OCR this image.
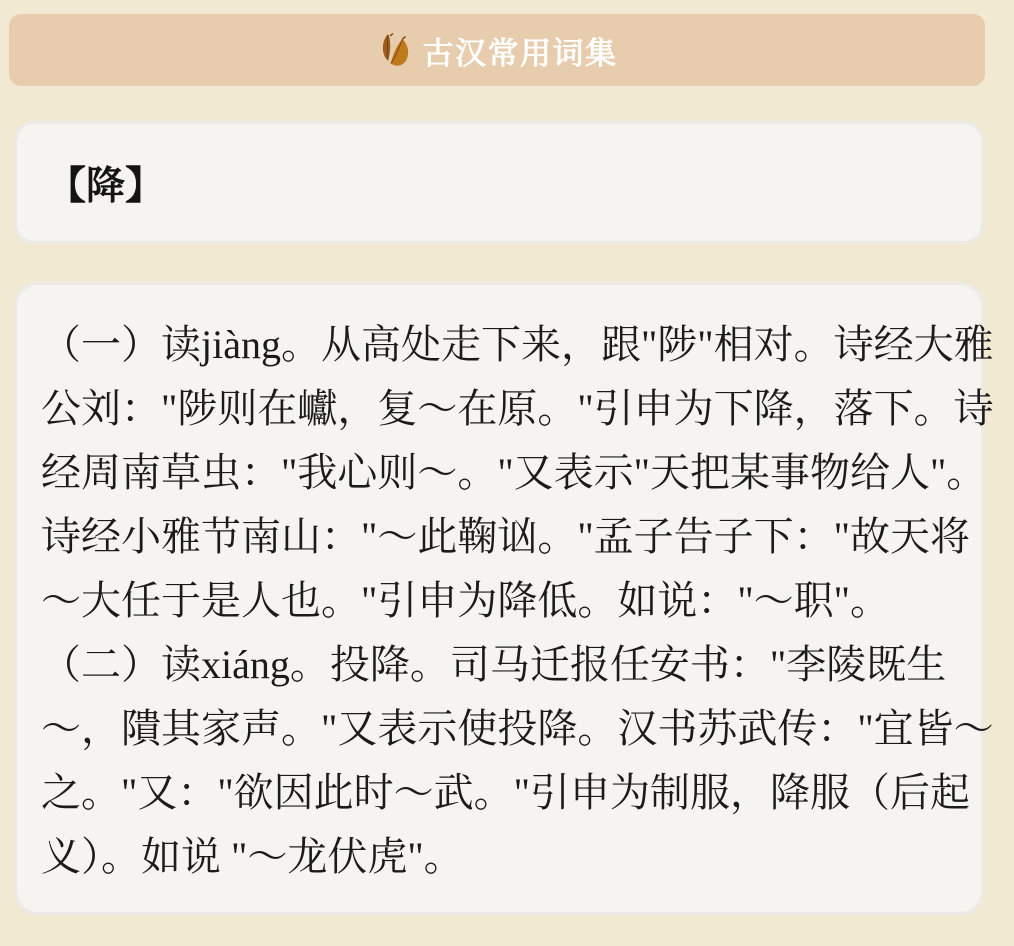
古汉常用词集
【降】
（一）读jiàng。从高处走下来，跟"陟"相对。诗经大雅
公刘："陟则在巘，复～在原。"引申为下降，落下。诗
经周南草虫："我心则～。"又表示"天把某事物给人"。
诗经小雅节南山："～此鞠讻。"孟子告子下："故天将
～大任于是人也。"引申为降低。如说："～职"。
（二）读xiáng。投降。司马迁报任安书："李陵既生
～，隤其家声。"又表示使投降。汉书苏武传："宜皆～
之。"又："欲因此时～武。"引申为制服，降服（后起
义）。如说 "～龙伏虎"。
